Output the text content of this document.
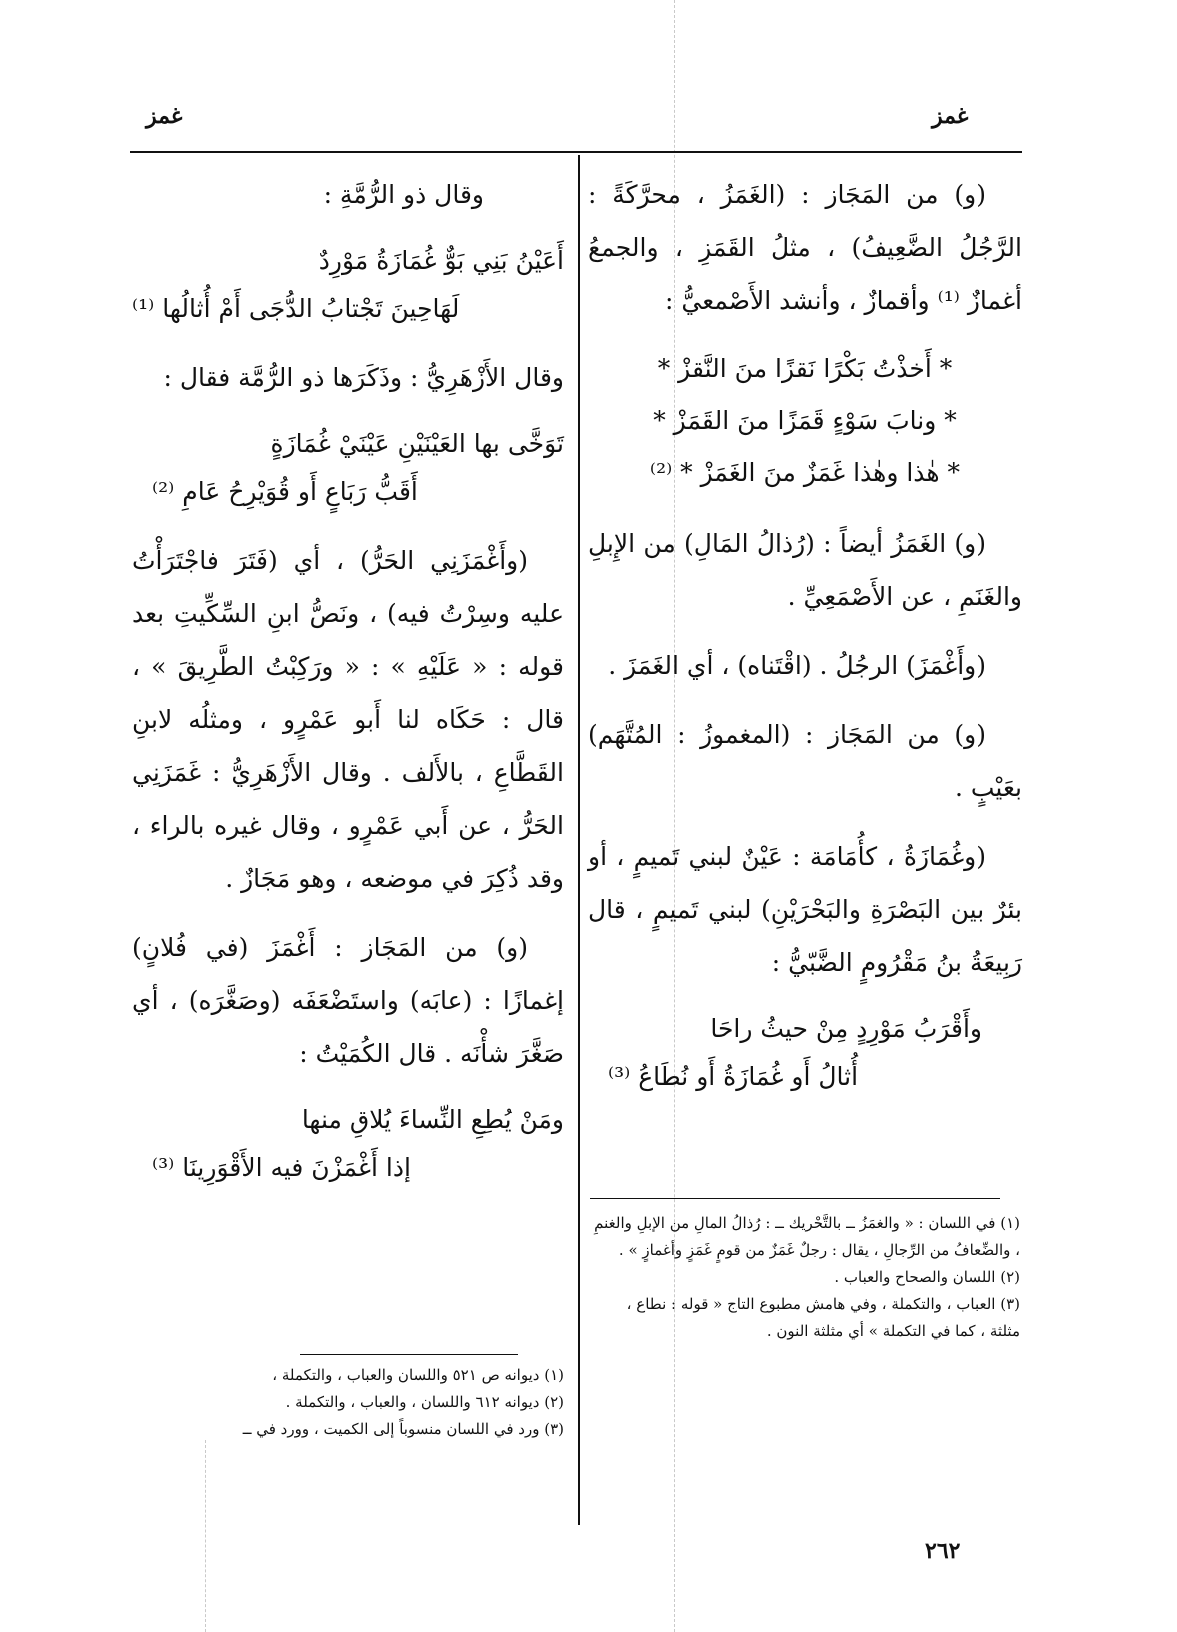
غمز	غمز

(و) من المَجَاز : (الغَمَزُ ، محرَّكَةً : الرَّجُلُ الضَّعِيفُ) ، مثلُ القَمَزِ ، والجمعُ أغمازٌ ⁽¹⁾ وأقمازٌ ، وأنشد الأَصْمعيُّ :

* أَخذْتُ بَكْرًا نَقزًا منَ النَّقزْ *

* ونابَ سَوْءٍ قَمَزًا منَ القَمَزْ *

* هٰذا وهٰذا غَمَزٌ منَ الغَمَزْ * ⁽²⁾

(و) الغَمَزُ أيضاً : (رُذالُ المَالِ) من الإِبلِ والغَنَمِ ، عن الأَصْمَعِيِّ .

(وأَغْمَزَ) الرجُلُ . (اقْتَناه) ، أي الغَمَزَ .

(و) من المَجَاز : (المغموزُ : المُتَّهَم) بعَيْبٍ .

(وغُمَازَةُ ، كأُمَامَة : عَيْنٌ لبني تَميمٍ ، أو بئرٌ بين البَصْرَةِ والبَحْرَيْنِ) لبني تَميمٍ ، قال رَبِيعَةُ بنُ مَقْرُومٍ الضَّبّيُّ :

وأَقْرَبُ مَوْرِدٍ مِنْ حيثُ راحَا

أُثالُ أَو غُمَازَةُ أَو نُطَاعُ ⁽³⁾

(١) في اللسان : « والغمَزُ ــ بالتَّحْريك ــ : رُذالُ المالِ من الإبلِ والغنمِ ، والضِّعافُ من الرِّجالِ ، يقال : رجلٌ غَمَزٌ من قومٍ غَمَزٍ وأغمازٍ » .

(٢) اللسان والصحاح والعباب .

(٣) العباب ، والتكملة ، وفي هامش مطبوع التاج « قوله : نطاع ، مثلثة ، كما في التكملة » أي مثلثة النون .

وقال ذو الرُّمَّةِ :

أَعَيْنُ بَنِي بَوٌّ غُمَازَةُ مَوْرِدٌ

لَهَاحِينَ تَجْتابُ الدُّجَى أَمْ أُثالُها ⁽¹⁾

وقال الأَزْهَرِيُّ : وذَكَرَها ذو الرُّمَّة فقال :

تَوَخَّى بها العَيْنَيْنِ عَيْنَيْ غُمَازَةٍ

أَقَبُّ رَبَاعٍ أَو قُوَيْرِحُ عَامِ ⁽²⁾

(وأَغْمَزَنِي الحَرُّ) ، أي (فَتَرَ فاجْتَرَأْتُ عليه وسِرْتُ فيه) ، ونَصُّ ابنِ السِّكِّيتِ بعد قوله : « عَلَيْهِ » : « ورَكِبْتُ الطَّرِيقَ » ، قال : حَكَاه لنا أَبو عَمْرٍو ، ومثلُه لابنِ القَطَّاعِ ، بالأَلف . وقال الأَزْهَرِيُّ : غَمَزَنِي الحَرُّ ، عن أَبي عَمْرٍو ، وقال غيره بالراء ، وقد ذُكِرَ في موضعه ، وهو مَجَازٌ .

(و) من المَجَاز : أَغْمَزَ (في فُلانٍ) إغمازًا : (عابَه) واستَضْعَفَه (وصَغَّرَه) ، أي صَغَّرَ شأْنَه . قال الكُمَيْتُ :

ومَنْ يُطِعِ النِّساءَ يُلاقِ منها

إذا أَغْمَزْنَ فيه الأَقْوَرِينَا ⁽³⁾

(١) ديوانه ص ٥٢١ واللسان والعباب ، والتكملة ،

(٢) ديوانه ٦١٢ واللسان ، والعباب ، والتكملة .

(٣) ورد في اللسان منسوباً إلى الكميت ، وورد في ــ

٢٦٢
